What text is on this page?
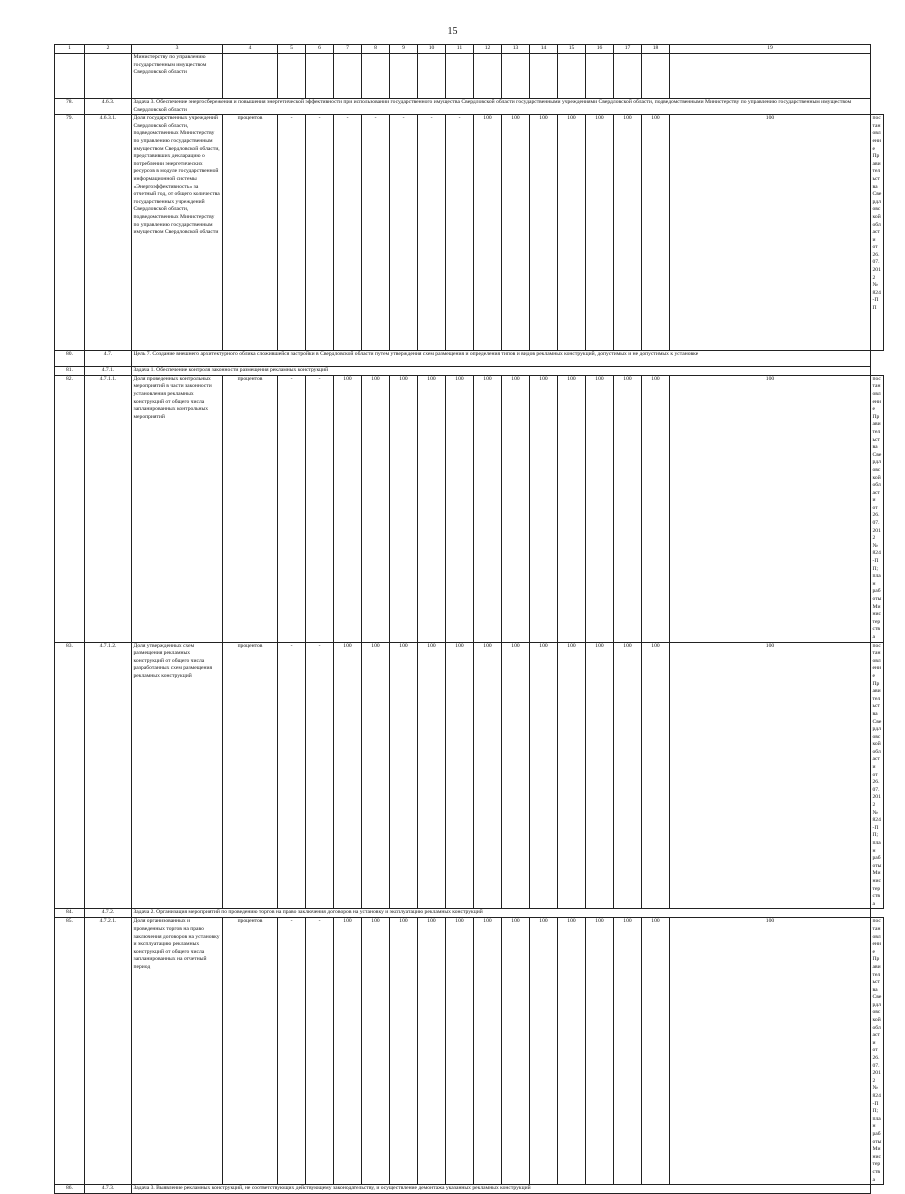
15
1	2	3	4	5	6	7	8	9	10	11	12	13	14	15	16	17	18	19	
		Министерству по управлению государственным имуществом Свердловской области																	
78.	4.6.3.	Задача 3. Обеспечение энергосбережения и повышения энергетической эффективности при использовании государственного имущества Свердловской области государственными учреждениями Свердловской области, подведомственными Министерству по управлению государственным имуществом Свердловской области																	
79.	4.6.3.1.	Доля государственных учреждений Свердловской области, подведомственных Министерству по управлению государственным имуществом Свердловской области, представивших декларацию о потреблении энергетических ресурсов в модуле государственной информационной системы «Энергоэффективность» за отчетный год, от общего количества государственных учреждений Свердловской области, подведомственных Министерству по управлению государственным имуществом Свердловской области	процентов	-	-	-	-	-	-	-	100	100	100	100	100	100	100	100	постановление Правительства Свердловской области от 26.07.2012 № 824-ПП
80.	4.7.	Цель 7. Создание внешнего архитектурного облика сложившейся застройки в Свердловской области путем утверждения схем размещения и определения типов и видов рекламных конструкций, допустимых и не допустимых к установке																	
81.	4.7.1.	Задача 1. Обеспечение контроля законности размещения рекламных конструкций																	
82.	4.7.1.1.	Доля проведенных контрольных мероприятий в части законности установления рекламных конструкций от общего числа запланированных контрольных мероприятий	процентов	-	-	100	100	100	100	100	100	100	100	100	100	100	100	100	постановление Правительства Свердловской области
от 26.07.2012 № 824-ПП;
план работы Министерства
83.	4.7.1.2.	Доля утвержденных схем размещения рекламных конструкций от общего числа разработанных схем размещения рекламных конструкций	процентов	-	-	100	100	100	100	100	100	100	100	100	100	100	100	100	постановление Правительства Свердловской области
от 26.07.2012 № 824-ПП;
план работы Министерства
84.	4.7.2.	Задача 2. Организация мероприятий по проведению торгов на право заключения договоров на установку и эксплуатацию рекламных конструкций																	
85.	4.7.2.1.	Доля организованных и проведенных торгов на право заключения договоров на установку и эксплуатацию рекламных конструкций от общего числа запланированных на отчетный период	процентов	-	-	100	100	100	100	100	100	100	100	100	100	100	100	100	постановление Правительства Свердловской области
от 26.07.2012 № 824-ПП;
план работы Министерства
86.	4.7.3.	Задача 3. Выявление рекламных конструкций, не соответствующих действующему законодательству, и осуществление демонтажа указанных рекламных конструкций																	
